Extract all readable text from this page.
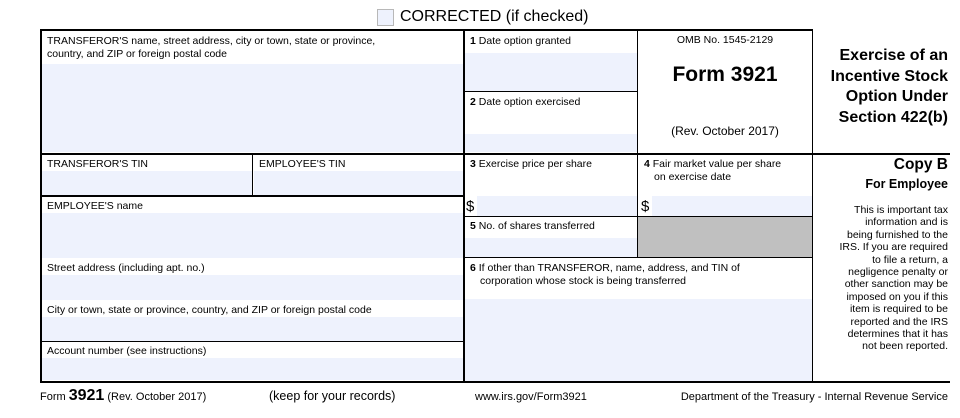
CORRECTED (if checked)
TRANSFEROR'S name, street address, city or town, state or province,
country, and ZIP or foreign postal code
TRANSFEROR'S TIN	EMPLOYEE'S TIN
EMPLOYEE'S name
Street address (including apt. no.)
City or town, state or province, country, and ZIP or foreign postal code
Account number (see instructions)
1 Date option granted
2 Date option exercised
3 Exercise price per share
$
4 Fair market value per share
on exercise date
$
5 No. of shares transferred
6 If other than TRANSFEROR, name, address, and TIN of
corporation whose stock is being transferred
OMB No. 1545-2129
Form 3921
(Rev. October 2017)
Exercise of an
Incentive Stock
Option Under
Section 422(b)
Copy B
For Employee
This is important tax
information and is
being furnished to the
IRS. If you are required
to file a return, a
negligence penalty or
other sanction may be
imposed on you if this
item is required to be
reported and the IRS
determines that it has
not been reported.
Form 3921 (Rev. October 2017)	(keep for your records)	www.irs.gov/Form3921	Department of the Treasury - Internal Revenue Service
